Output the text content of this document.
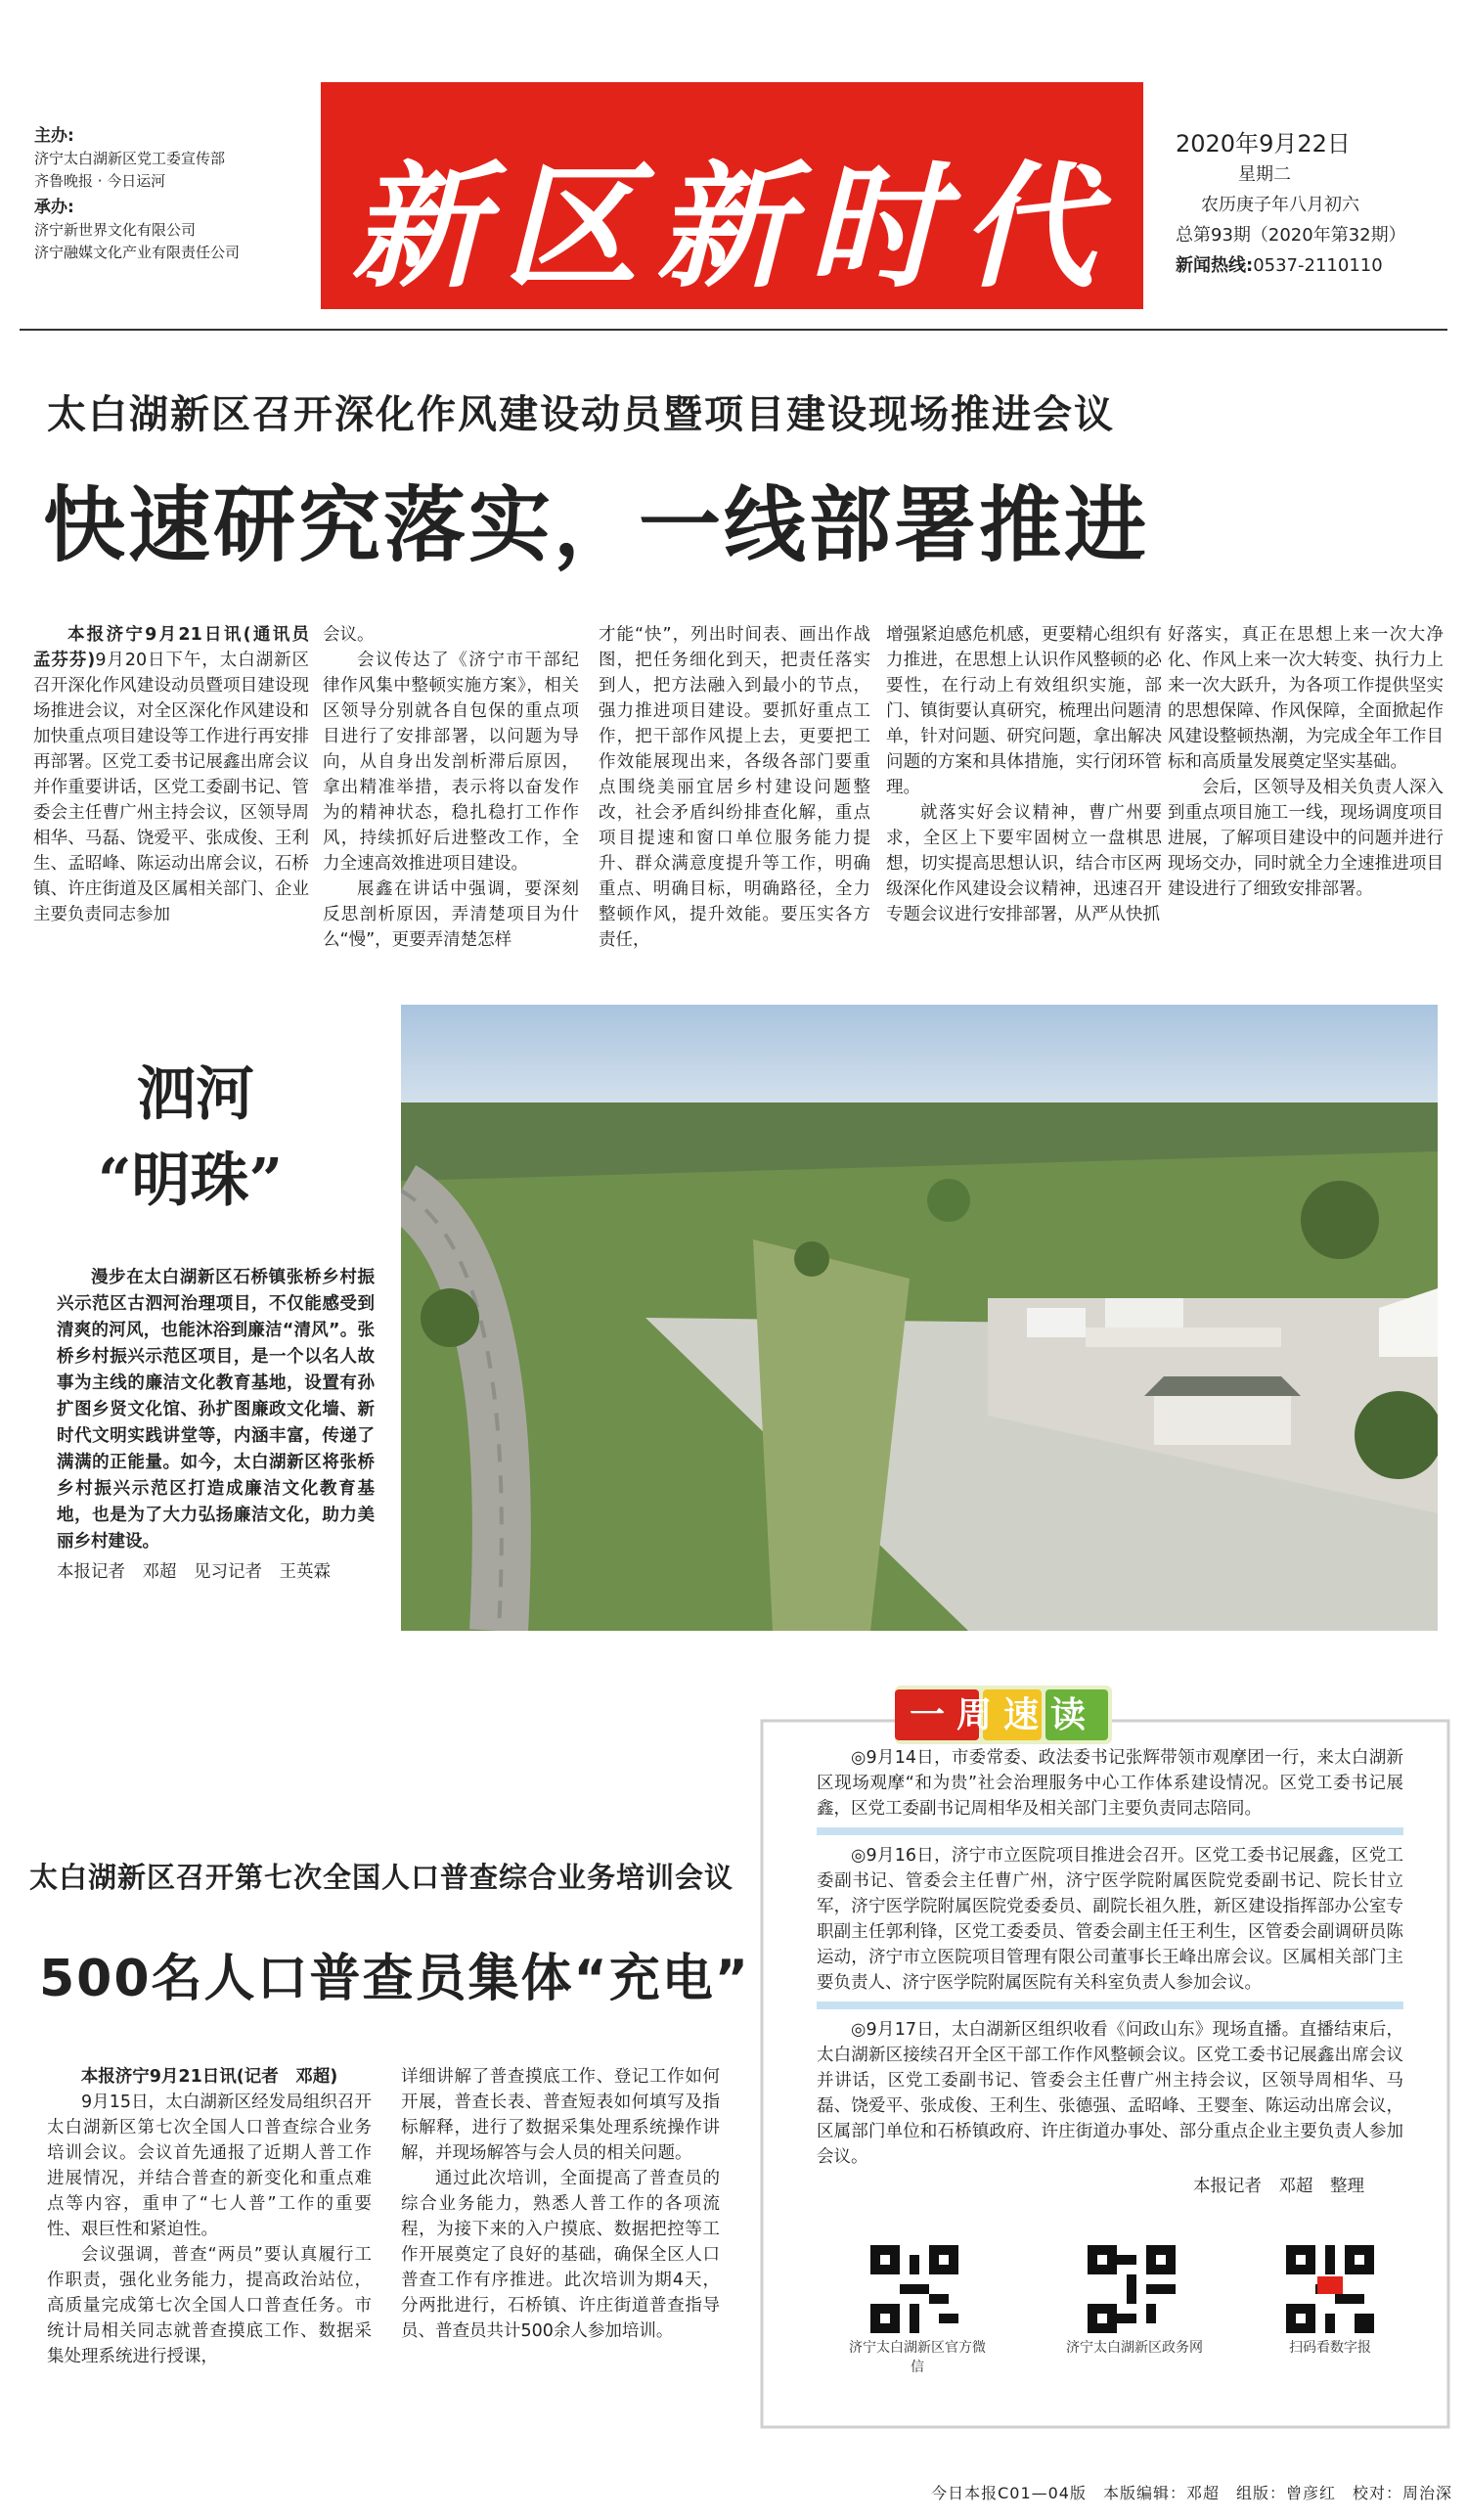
主办:
济宁太白湖新区党工委宣传部
齐鲁晚报 · 今日运河
承办:
济宁新世界文化有限公司
济宁融媒文化产业有限责任公司 新区新时代
2020年9月22日
星期二
农历庚子年八月初六
总第93期（2020年第32期）
新闻热线:0537-2110110
太白湖新区召开深化作风建设动员暨项目建设现场推进会议
快速研究落实，一线部署推进

本报济宁9月21日讯(通讯员　孟芬芬)9月20日下午，太白湖新区召开深化作风建设动员暨项目建设现场推进会议，对全区深化作风建设和加快重点项目建设等工作进行再安排再部署。区党工委书记展鑫出席会议并作重要讲话，区党工委副书记、管委会主任曹广州主持会议，区领导周相华、马磊、饶爱平、张成俊、王利生、孟昭峰、陈运动出席会议，石桥镇、许庄街道及区属相关部门、企业主要负责同志参加

会议。

会议传达了《济宁市干部纪律作风集中整顿实施方案》，相关区领导分别就各自包保的重点项目进行了安排部署，以问题为导向，从自身出发剖析滞后原因，拿出精准举措，表示将以奋发作为的精神状态，稳扎稳打工作作风，持续抓好后进整改工作，全力全速高效推进项目建设。

展鑫在讲话中强调，要深刻反思剖析原因，弄清楚项目为什么“慢”，更要弄清楚怎样

才能“快”，列出时间表、画出作战图，把任务细化到天，把责任落实到人，把方法融入到最小的节点，强力推进项目建设。要抓好重点工作，把干部作风提上去，更要把工作效能展现出来，各级各部门要重点围绕美丽宜居乡村建设问题整改，社会矛盾纠纷排查化解，重点项目提速和窗口单位服务能力提升、群众满意度提升等工作，明确重点、明确目标，明确路径，全力整顿作风，提升效能。要压实各方责任，
增强紧迫感危机感，更要精心组织有力推进，在思想上认识作风整顿的必要性，在行动上有效组织实施，部门、镇街要认真研究，梳理出问题清单，针对问题、研究问题，拿出解决问题的方案和具体措施，实行闭环管理。

就落实好会议精神，曹广州要求，全区上下要牢固树立一盘棋思想，切实提高思想认识，结合市区两级深化作风建设会议精神，迅速召开专题会议进行安排部署，从严从快抓

好落实，真正在思想上来一次大净化、作风上来一次大转变、执行力上来一次大跃升，为各项工作提供坚实的思想保障、作风保障，全面掀起作风建设整顿热潮，为完成全年工作目标和高质量发展奠定坚实基础。

会后，区领导及相关负责人深入到重点项目施工一线，现场调度项目进展，了解项目建设中的问题并进行现场交办，同时就全力全速推进项目建设进行了细致安排部署。

泗河
“明珠”

漫步在太白湖新区石桥镇张桥乡村振兴示范区古泗河治理项目，不仅能感受到清爽的河风，也能沐浴到廉洁“清风”。张桥乡村振兴示范区项目，是一个以名人故事为主线的廉洁文化教育基地，设置有孙扩图乡贤文化馆、孙扩图廉政文化墙、新时代文明实践讲堂等，内涵丰富，传递了满满的正能量。如今，太白湖新区将张桥乡村振兴示范区打造成廉洁文化教育基地，也是为了大力弘扬廉洁文化，助力美丽乡村建设。

本报记者　邓超　见习记者　王英霖
太白湖新区召开第七次全国人口普查综合业务培训会议
500名人口普查员集体“充电”
本报济宁9月21日讯(记者　邓超)

9月15日，太白湖新区经发局组织召开太白湖新区第七次全国人口普查综合业务培训会议。会议首先通报了近期人普工作进展情况，并结合普查的新变化和重点难点等内容，重申了“七人普”工作的重要性、艰巨性和紧迫性。

会议强调，普查“两员”要认真履行工作职责，强化业务能力，提高政治站位，高质量完成第七次全国人口普查任务。市统计局相关同志就普查摸底工作、数据采集处理系统进行授课，

详细讲解了普查摸底工作、登记工作如何开展，普查长表、普查短表如何填写及指标解释，进行了数据采集处理系统操作讲解，并现场解答与会人员的相关问题。

通过此次培训，全面提高了普查员的综合业务能力，熟悉人普工作的各项流程，为接下来的入户摸底、数据把控等工作开展奠定了良好的基础，确保全区人口普查工作有序推进。此次培训为期4天，分两批进行，石桥镇、许庄街道普查指导员、普查员共计500余人参加培训。

一周速读

◎9月14日，市委常委、政法委书记张辉带领市观摩团一行，来太白湖新区现场观摩“和为贵”社会治理服务中心工作体系建设情况。区党工委书记展鑫，区党工委副书记周相华及相关部门主要负责同志陪同。

◎9月16日，济宁市立医院项目推进会召开。区党工委书记展鑫，区党工委副书记、管委会主任曹广州，济宁医学院附属医院党委副书记、院长甘立军，济宁医学院附属医院党委委员、副院长祖久胜，新区建设指挥部办公室专职副主任郭利锋，区党工委委员、管委会副主任王利生，区管委会副调研员陈运动，济宁市立医院项目管理有限公司董事长王峰出席会议。区属相关部门主要负责人、济宁医学院附属医院有关科室负责人参加会议。

◎9月17日，太白湖新区组织收看《问政山东》现场直播。直播结束后，太白湖新区接续召开全区干部工作作风整顿会议。区党工委书记展鑫出席会议并讲话，区党工委副书记、管委会主任曹广州主持会议，区领导周相华、马磊、饶爱平、张成俊、王利生、张德强、孟昭峰、王婴奎、陈运动出席会议，区属部门单位和石桥镇政府、许庄街道办事处、部分重点企业主要负责人参加会议。

本报记者　邓超　整理
济宁太白湖新区官方微信
济宁太白湖新区政务网	扫码看数字报
今日本报C01—04版　本版编辑：邓超　组版：曾彦红　校对：周治深
